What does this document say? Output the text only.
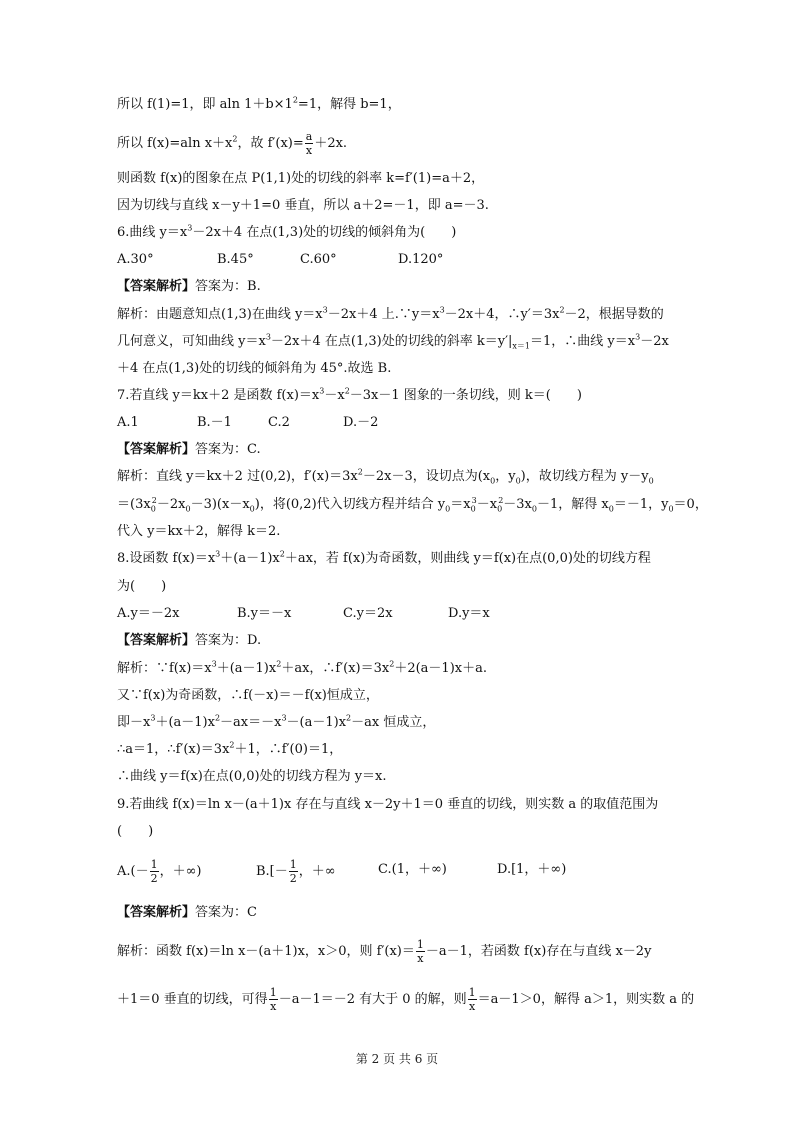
所以 f(1)=1，即 aln $1+b\times 1^2=1$，解得 b=1，
所以 f(x)=aln $x+x^2$，故 $f'(x)= \frac{a}{x} +2x$.
则函数 f(x)的图象在点 P(1,1)处的切线的斜率 k=f′(1)=a＋2，
因为切线与直线 x－y＋1=0 垂直，所以 a＋2=－1，即 a=－3.
6.曲线 $y=x^3-2x+4$ 在点(1,3)处的切线的倾斜角为(　　)
A.30°	B.45°	C.60°	D.120°
【答案解析】答案为：B.
解析：由题意知点(1,3)在曲线 $y=x^3-2x+4$ 上$.\because y=x^3-2x+4$，$\therefore y'=3x^2-2$，根据导数的
几何意义，可知曲线 $y=x^3-2x+4$ 在点(1,3)处的切线的斜率 $k=y'|_{x=1}=1$，∴曲线 $y=x^3-2x$
＋4 在点(1,3)处的切线的倾斜角为 45°.故选 B.
7.若直线 y＝kx＋2 是函数 $f(x)=x^3-x^2-3x-1$ 图象的一条切线，则 k＝(　　)
A.1	B.－1	C.2	D.－2
【答案解析】答案为：C.
解析：直线 y＝kx＋2 过(0,2)，$f'(x)=3x^2-2x-3$，设切点为($x_0$，$y_0$)，故切线方程为 $y-y_0$
$=(3x_0^2-2x_0-3)(x-x_0)$，将(0,2)代入切线方程并结合 $y_0=x_0^3-x_0^2-3x_0-1$，解得 $x_0=-1$，$y_0=0$，
代入 y＝kx＋2，解得 k＝2.
8.设函数 $f(x)=x^3+(a-1)x^2+ax$，若 f(x)为奇函数，则曲线 y＝f(x)在点(0,0)处的切线方程
为(　　)
A.y＝－2x	B.y＝－x	C.y＝2x	D.y＝x
【答案解析】答案为：D.
解析：$\because f(x)=x^3+(a-1)x^2+ax$，$\therefore f'(x)=3x^2+2(a-1)x+a$.
又∵f(x)为奇函数，∴f(－x)＝－f(x)恒成立，
即$-x^3+(a-1)x^2-ax=-x^3-(a-1)x^2-ax$ 恒成立，
∴a＝1，$\therefore f'(x)=3x^2+1$，∴f′(0)＝1，
∴曲线 y＝f(x)在点(0,0)处的切线方程为 y＝x.
9.若曲线 f(x)＝ln x－(a＋1)x 存在与直线 x－2y＋1＝0 垂直的切线，则实数 a 的取值范围为
(　　)
$A.(- \frac{1}{2}$ ，＋∞)	$B.[- \frac{1}{2}$ ，＋∞	C.(1，＋∞)	D.[1，＋∞)
【答案解析】答案为：C
解析：函数 f(x)＝ln x－(a＋1)x，x＞0，则 $f'(x)= \frac{1}{x} -a-1$，若函数 f(x)存在与直线 x－2y
＋1＝0 垂直的切线，可得 $\frac{1}{x} -a-1=-2$ 有大于 0 的解，则 $\frac{1}{x} =a-1>0$，解得 a＞1，则实数 a 的
第 2 页 共 6 页
